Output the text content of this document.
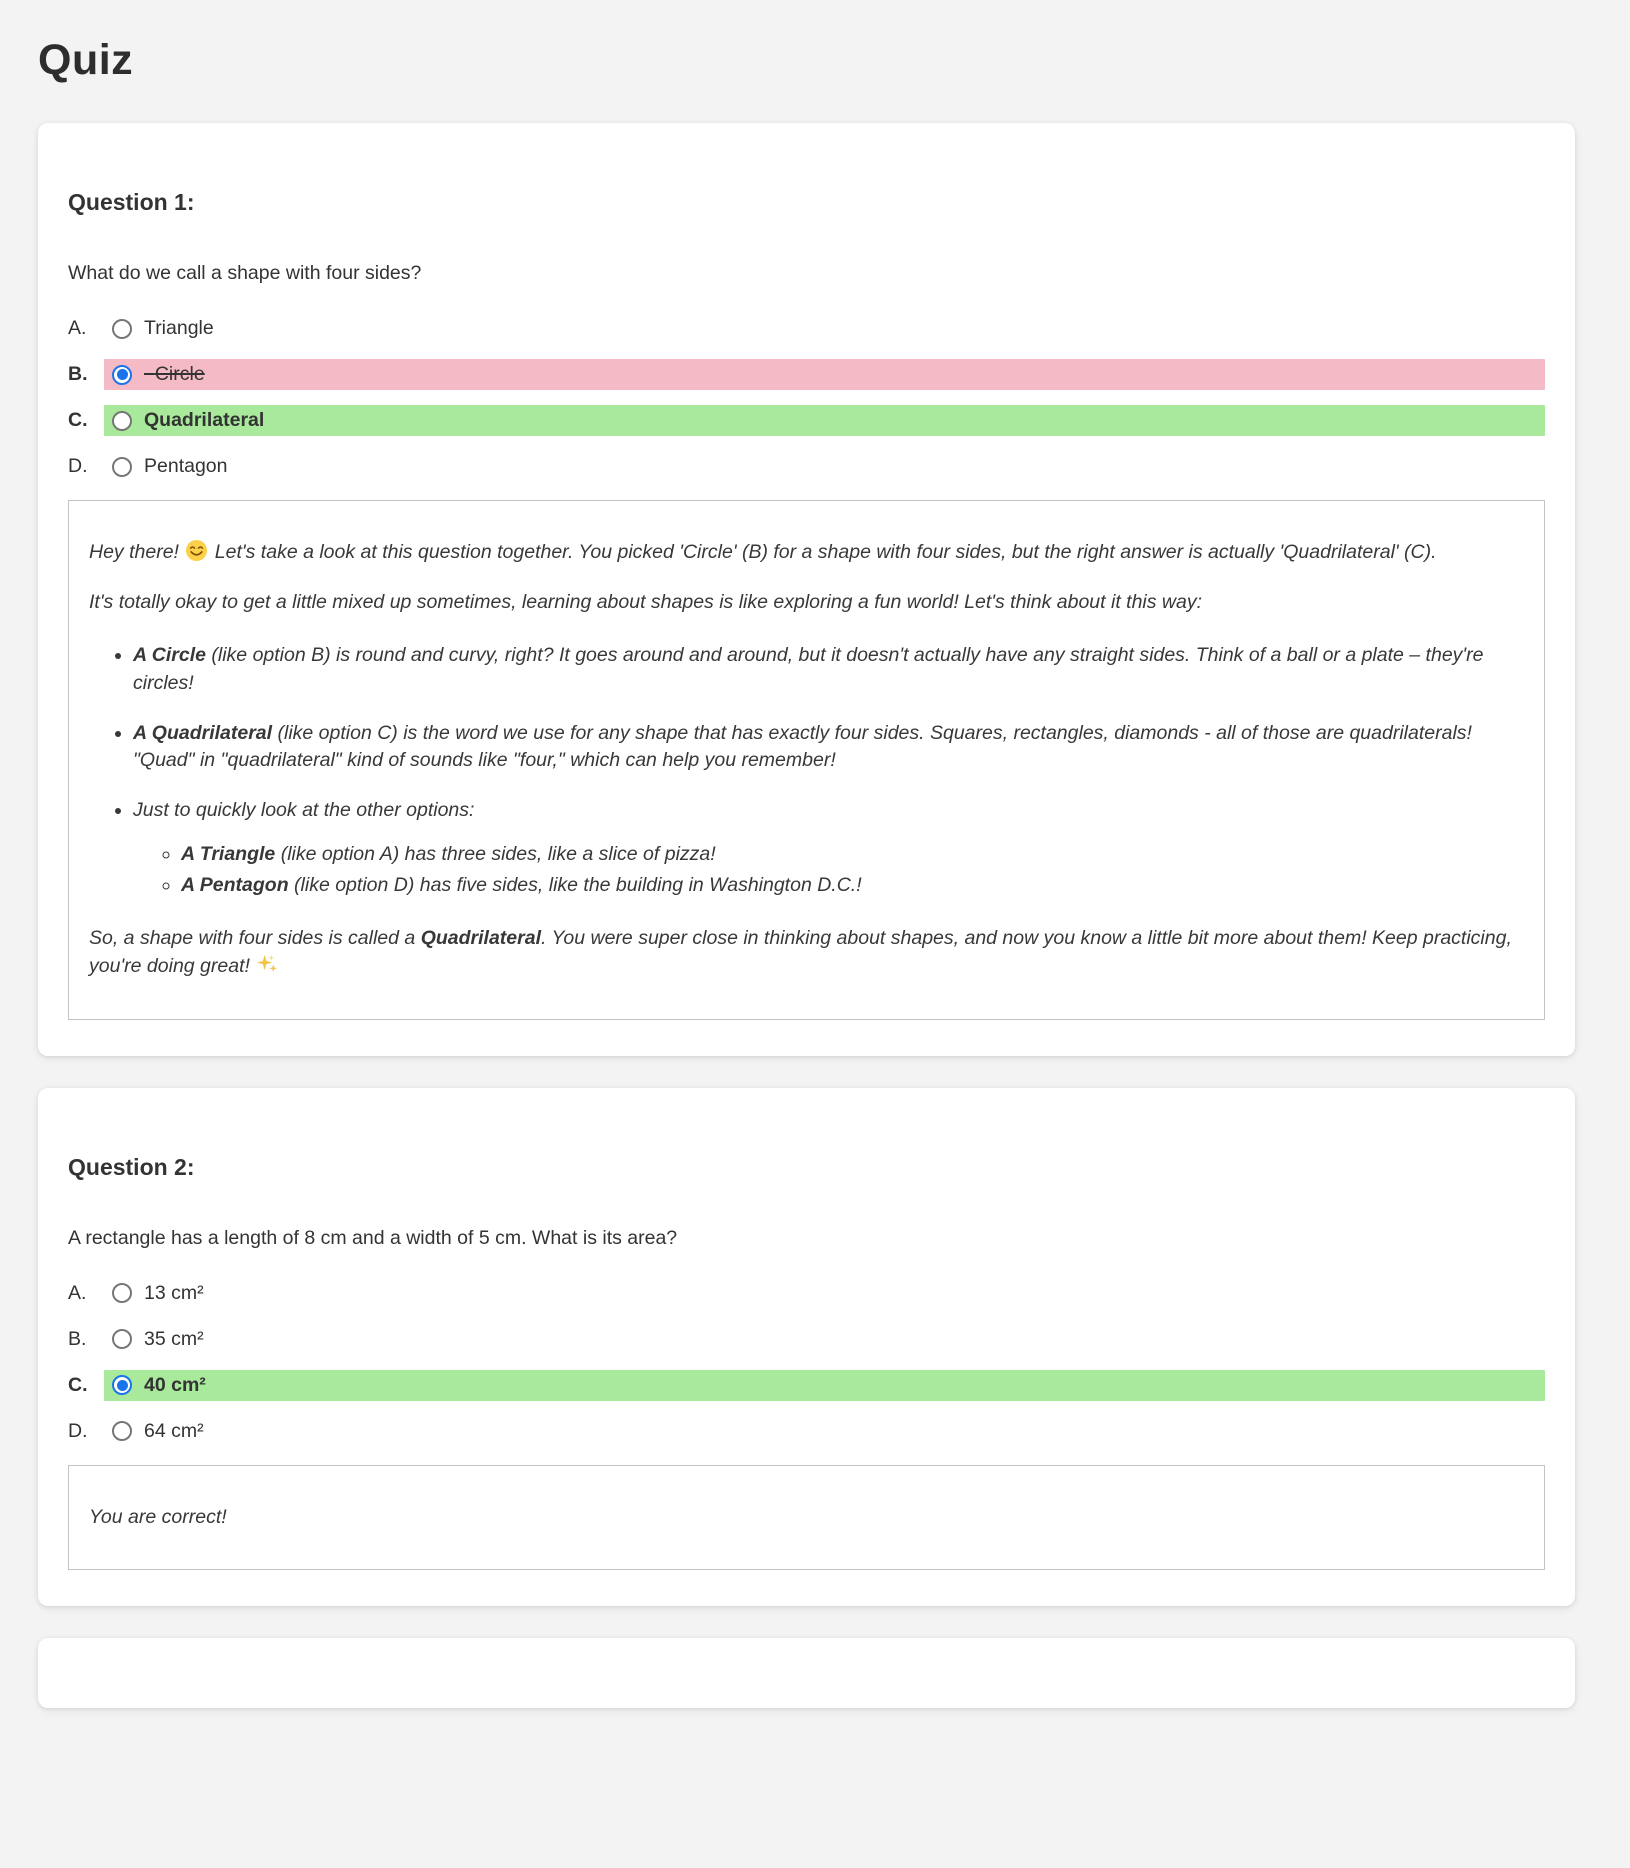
Quiz
Question 1:

What do we call a shape with four sides?

A.	Triangle
B.	Circle
C.	Quadrilateral
D.	Pentagon

Hey there!  Let's take a look at this question together. You picked 'Circle' (B) for a shape with four sides, but the right answer is actually 'Quadrilateral' (C).

It's totally okay to get a little mixed up sometimes, learning about shapes is like exploring a fun world! Let's think about it this way:

• A Circle (like option B) is round and curvy, right? It goes around and around, but it doesn't actually have any straight sides. Think of a ball or a plate – they're circles!
• A Quadrilateral (like option C) is the word we use for any shape that has exactly four sides. Squares, rectangles, diamonds - all of those are quadrilaterals! "Quad" in "quadrilateral" kind of sounds like "four," which can help you remember!
• Just to quickly look at the other options:
◦ A Triangle (like option A) has three sides, like a slice of pizza!
◦ A Pentagon (like option D) has five sides, like the building in Washington D.C.!

So, a shape with four sides is called a Quadrilateral. You were super close in thinking about shapes, and now you know a little bit more about them! Keep practicing, you're doing great!

Question 2:

A rectangle has a length of 8 cm and a width of 5 cm. What is its area?

A.	13 cm²
B.	35 cm²
C.	40 cm²
D.	64 cm²

You are correct!
